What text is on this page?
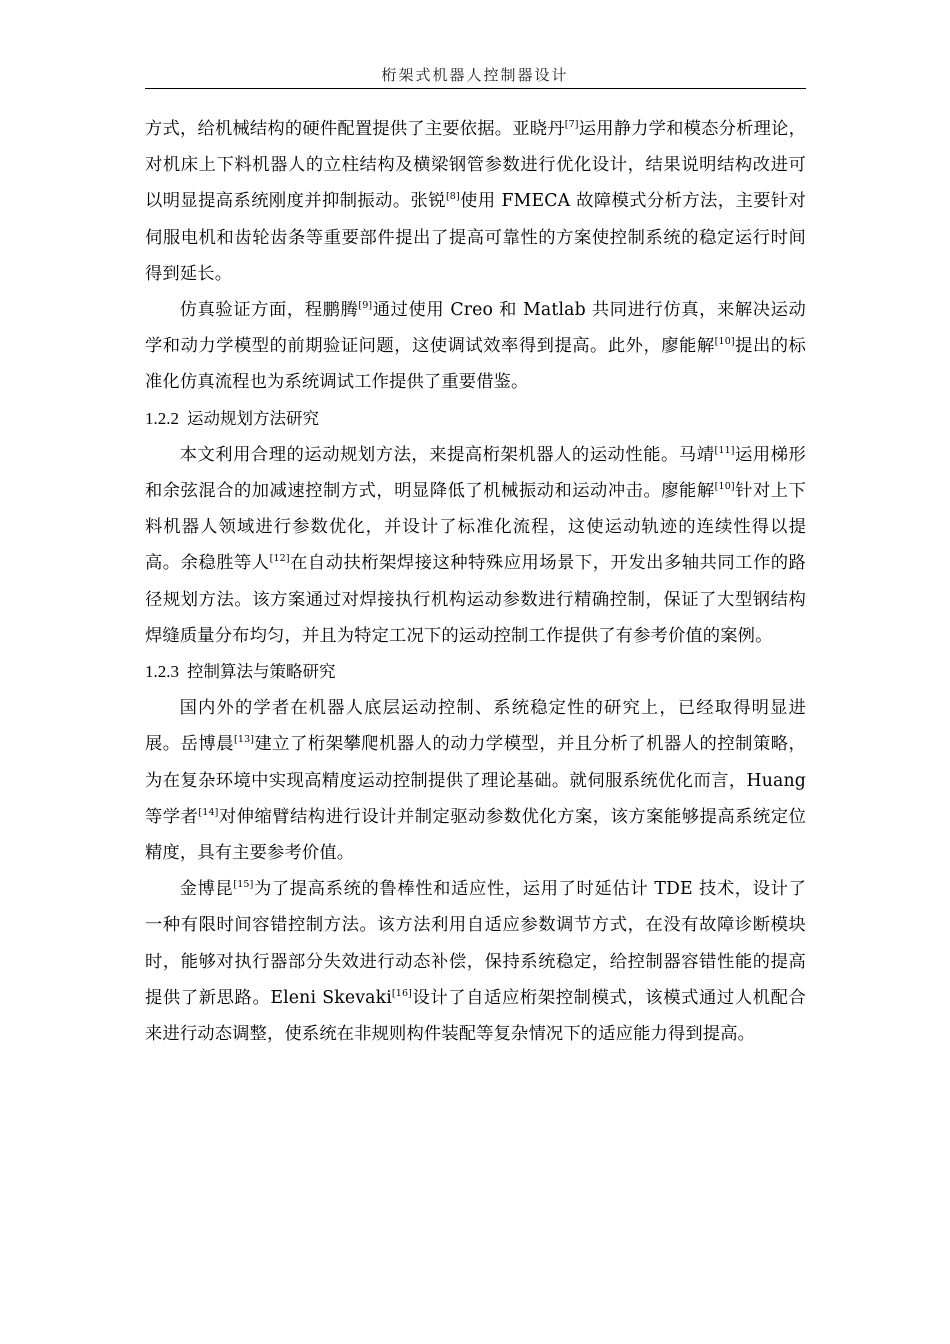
桁架式机器人控制器设计

方式，给机械结构的硬件配置提供了主要依据。亚晓丹[7]运用静力学和模态分析理论，对机床上下料机器人的立柱结构及横梁钢管参数进行优化设计，结果说明结构改进可以明显提高系统刚度并抑制振动。张锐[8]使用 FMECA 故障模式分析方法，主要针对伺服电机和齿轮齿条等重要部件提出了提高可靠性的方案使控制系统的稳定运行时间得到延长。

仿真验证方面，程鹏腾[9]通过使用 Creo 和 Matlab 共同进行仿真，来解决运动学和动力学模型的前期验证问题，这使调试效率得到提高。此外，廖能解[10]提出的标准化仿真流程也为系统调试工作提供了重要借鉴。

1.2.2 运动规划方法研究

本文利用合理的运动规划方法，来提高桁架机器人的运动性能。马靖[11]运用梯形和余弦混合的加减速控制方式，明显降低了机械振动和运动冲击。廖能解[10]针对上下料机器人领域进行参数优化，并设计了标准化流程，这使运动轨迹的连续性得以提高。余稳胜等人[12]在自动扶桁架焊接这种特殊应用场景下，开发出多轴共同工作的路径规划方法。该方案通过对焊接执行机构运动参数进行精确控制，保证了大型钢结构焊缝质量分布均匀，并且为特定工况下的运动控制工作提供了有参考价值的案例。

1.2.3 控制算法与策略研究

国内外的学者在机器人底层运动控制、系统稳定性的研究上，已经取得明显进展。岳博晨[13]建立了桁架攀爬机器人的动力学模型，并且分析了机器人的控制策略，为在复杂环境中实现高精度运动控制提供了理论基础。就伺服系统优化而言，Huang 等学者[14]对伸缩臂结构进行设计并制定驱动参数优化方案，该方案能够提高系统定位精度，具有主要参考价值。

金博昆[15]为了提高系统的鲁棒性和适应性，运用了时延估计 TDE 技术，设计了一种有限时间容错控制方法。该方法利用自适应参数调节方式，在没有故障诊断模块时，能够对执行器部分失效进行动态补偿，保持系统稳定，给控制器容错性能的提高提供了新思路。Eleni Skevaki[16]设计了自适应桁架控制模式，该模式通过人机配合来进行动态调整，使系统在非规则构件装配等复杂情况下的适应能力得到提高。
